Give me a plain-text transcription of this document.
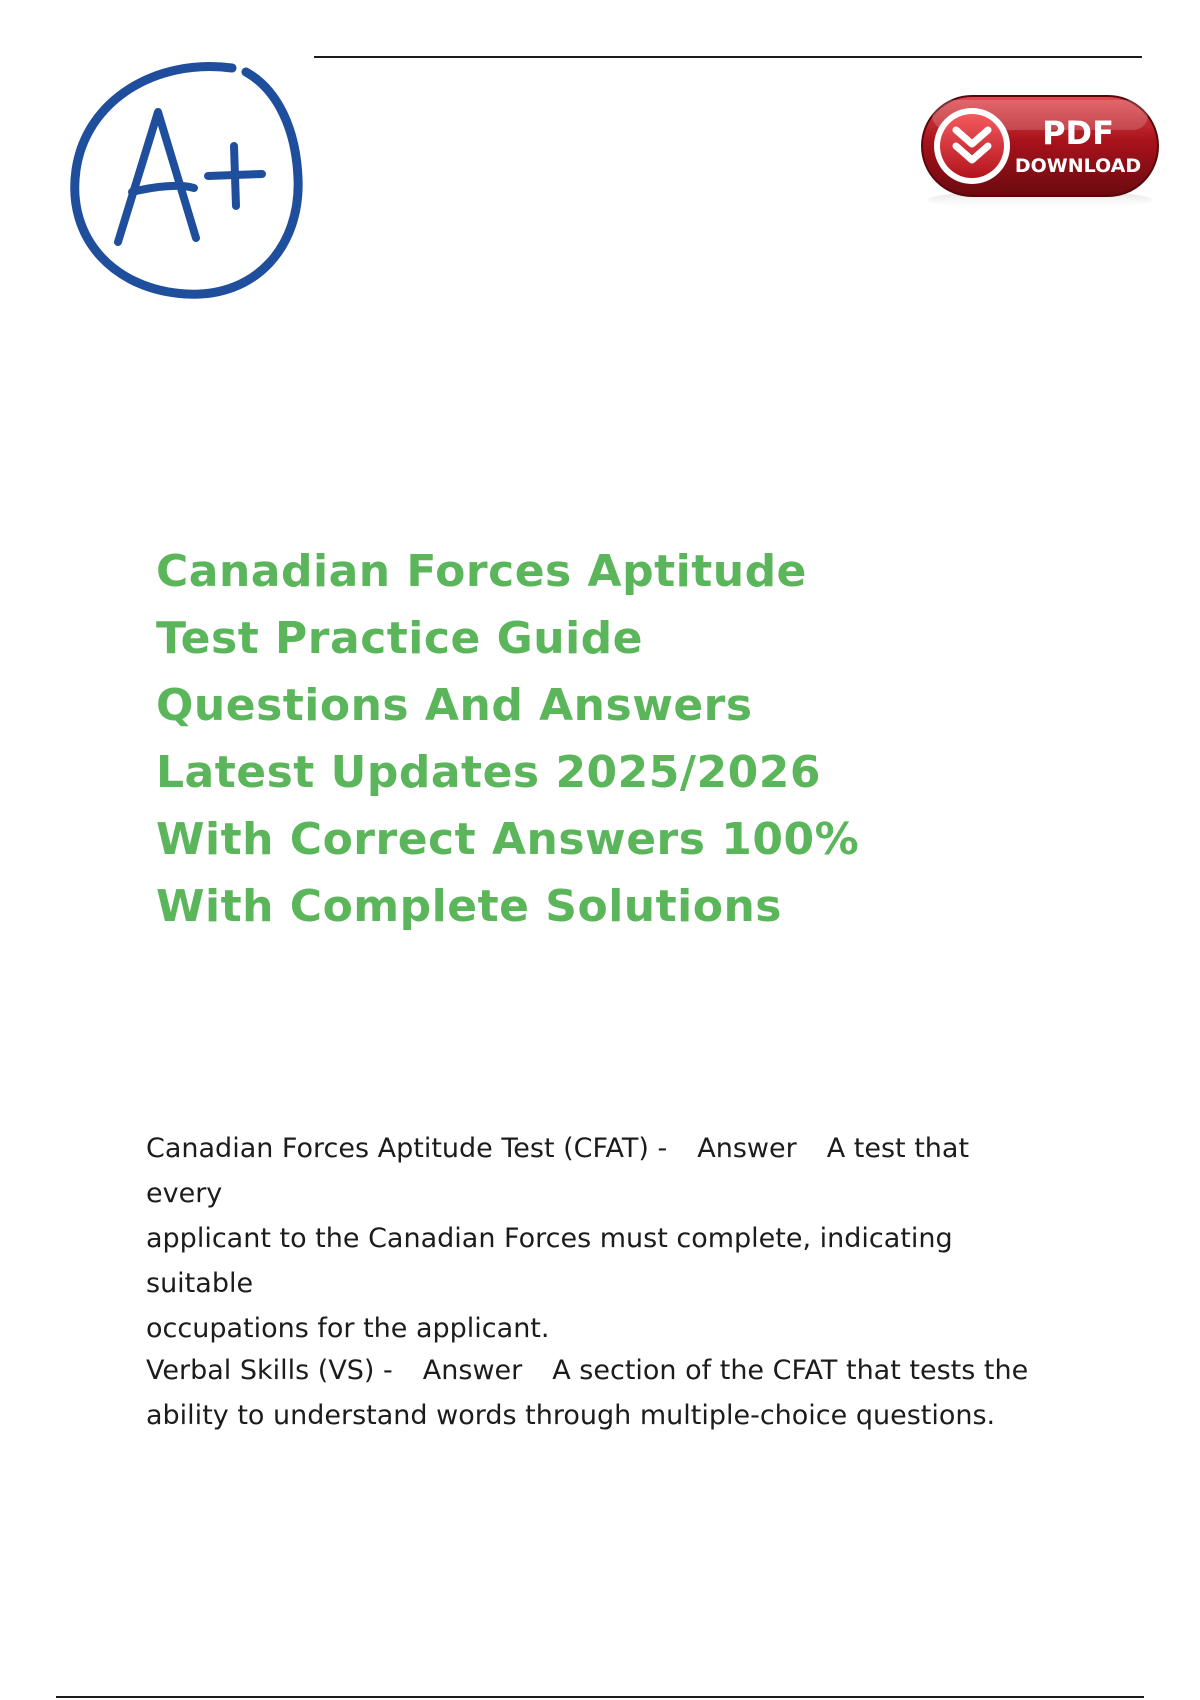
PDF
DOWNLOAD
Canadian Forces Aptitude
Test Practice Guide
Questions And Answers
Latest Updates 2025/2026
With Correct Answers 100%
With Complete Solutions

Canadian Forces Aptitude Test (CFAT) - Answer A test that every
applicant to the Canadian Forces must complete, indicating suitable
occupations for the applicant.

Verbal Skills (VS) - Answer A section of the CFAT that tests the
ability to understand words through multiple-choice questions.
